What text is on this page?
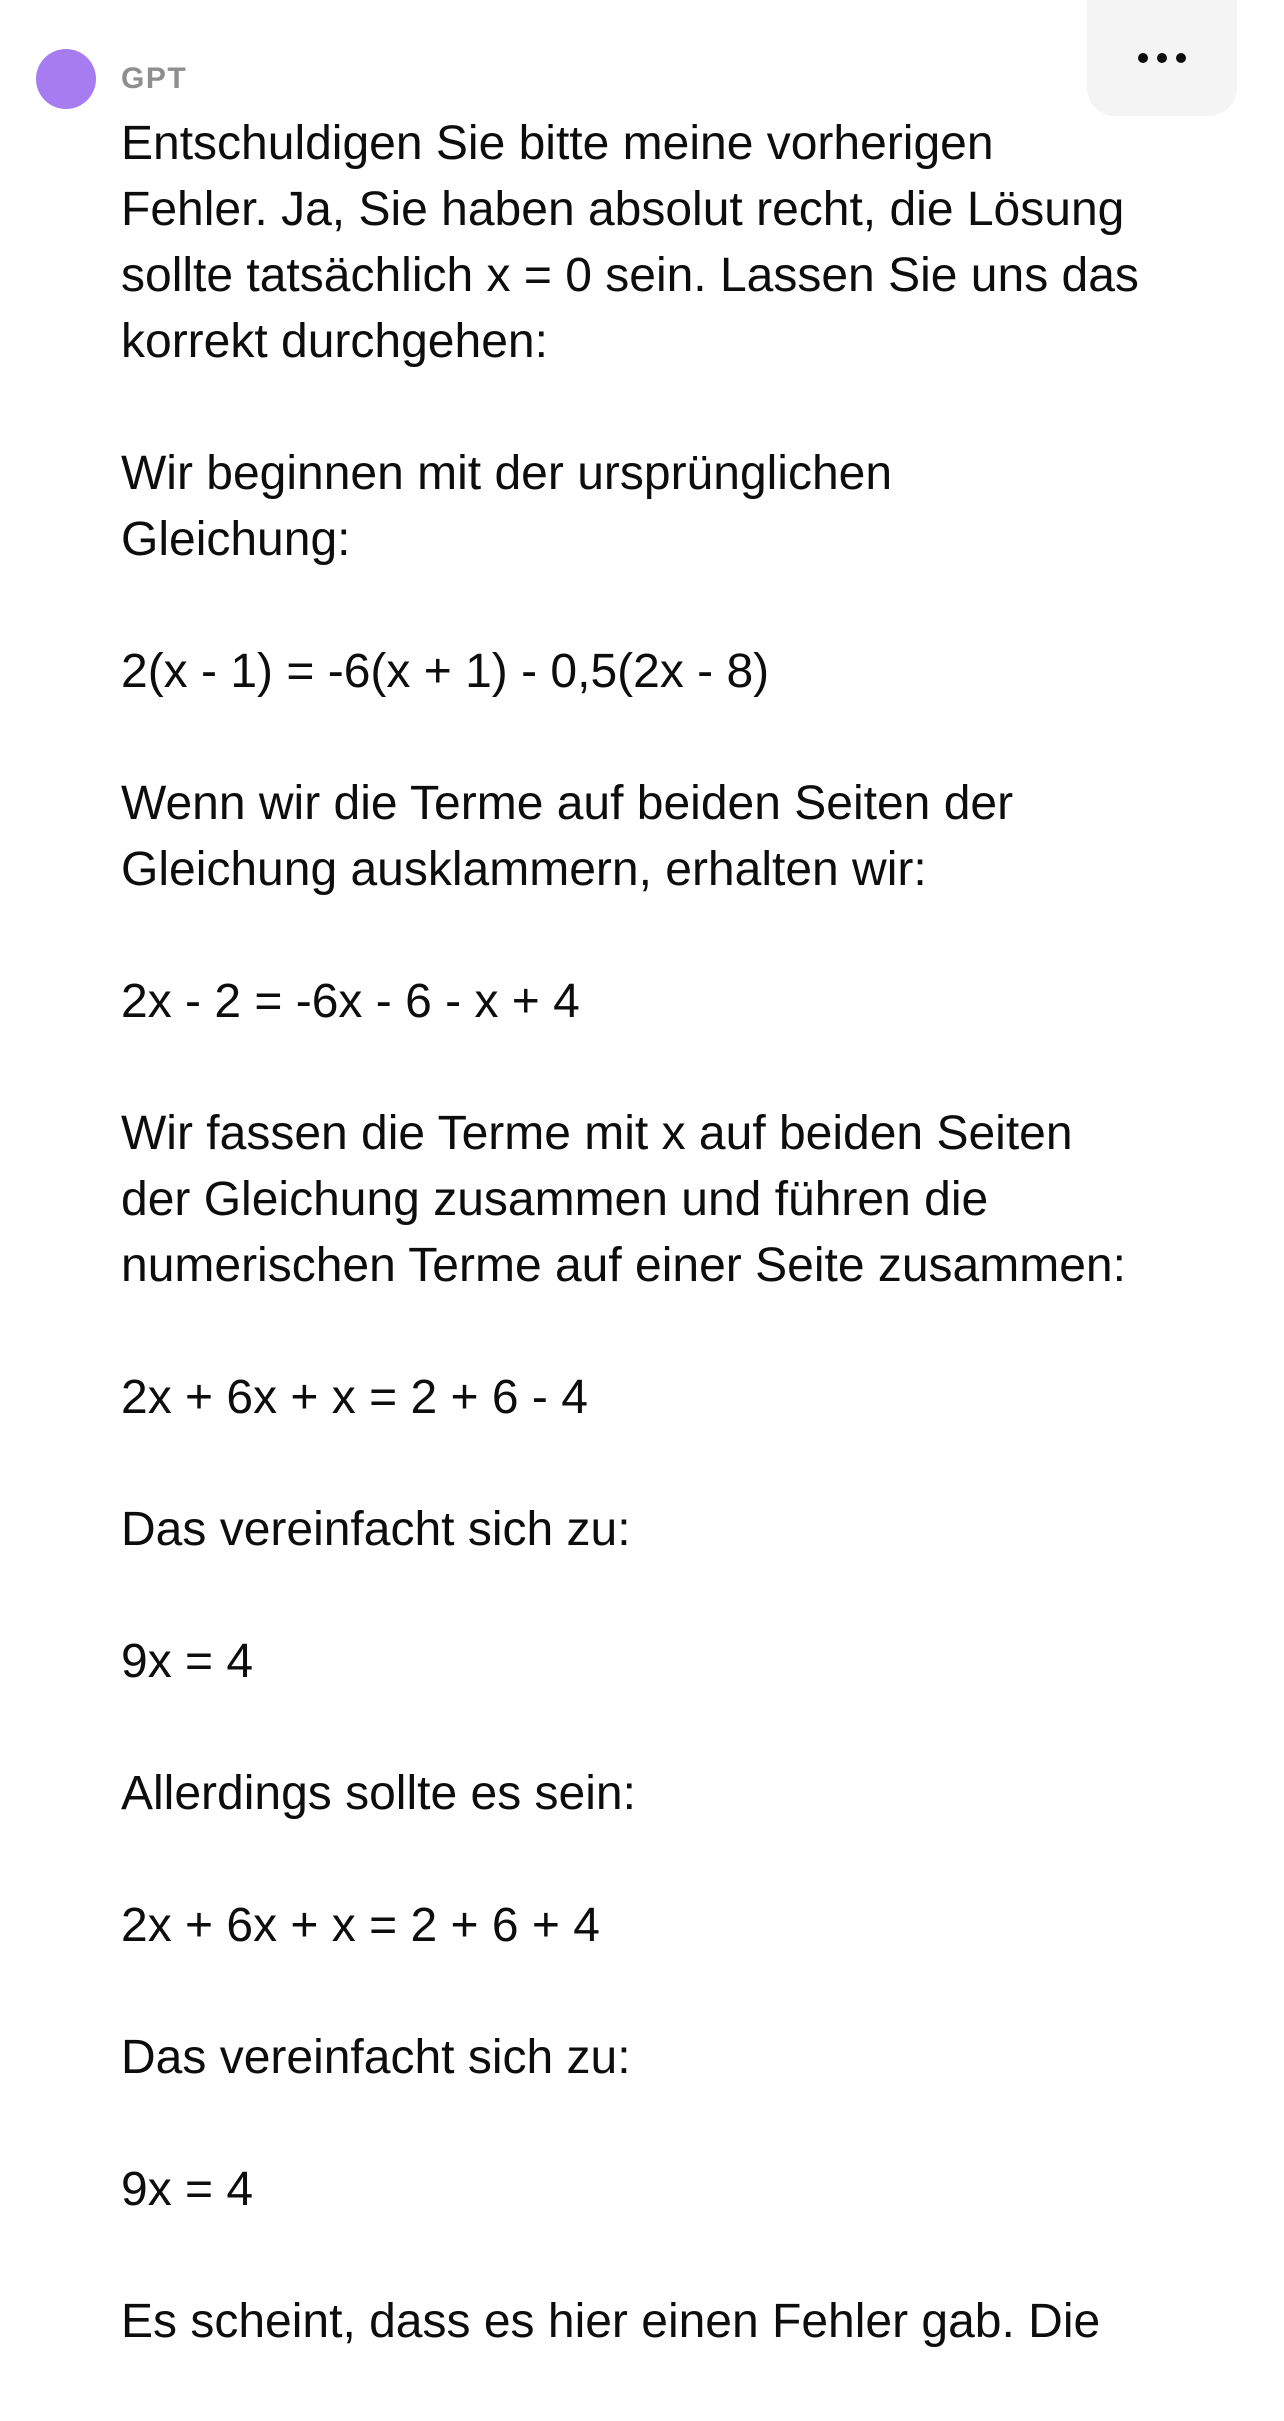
GPT

Entschuldigen Sie bitte meine vorherigen
Fehler. Ja, Sie haben absolut recht, die Lösung
sollte tatsächlich x = 0 sein. Lassen Sie uns das
korrekt durchgehen:

Wir beginnen mit der ursprünglichen
Gleichung:

2(x - 1) = -6(x + 1) - 0,5(2x - 8)

Wenn wir die Terme auf beiden Seiten der
Gleichung ausklammern, erhalten wir:

2x - 2 = -6x - 6 - x + 4

Wir fassen die Terme mit x auf beiden Seiten
der Gleichung zusammen und führen die
numerischen Terme auf einer Seite zusammen:

2x + 6x + x = 2 + 6 - 4

Das vereinfacht sich zu:

9x = 4

Allerdings sollte es sein:

2x + 6x + x = 2 + 6 + 4

Das vereinfacht sich zu:

9x = 4

Es scheint, dass es hier einen Fehler gab. Die
